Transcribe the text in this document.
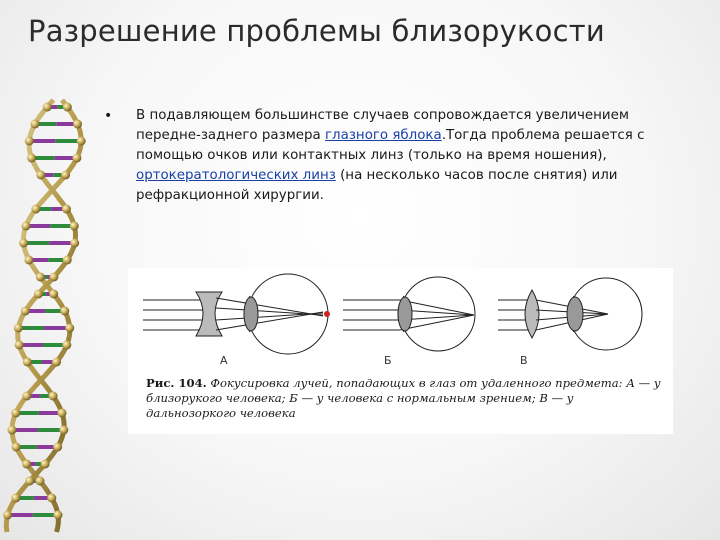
Разрешение проблемы близорукости
• В подавляющем большинстве случаев сопровождается увеличением передне-заднего размера глазного яблока.Тогда проблема решается с помощью очков или контактных линз (только на время ношения), ортокератологических линз (на несколько часов после снятия) или рефракционной хирургии.
А	Б	В
Рис. 104. Фокусировка лучей, попадающих в глаз от удаленного предмета: А — у близорукого человека; Б — у человека с нормальным зрением; В — у дальнозоркого человека
